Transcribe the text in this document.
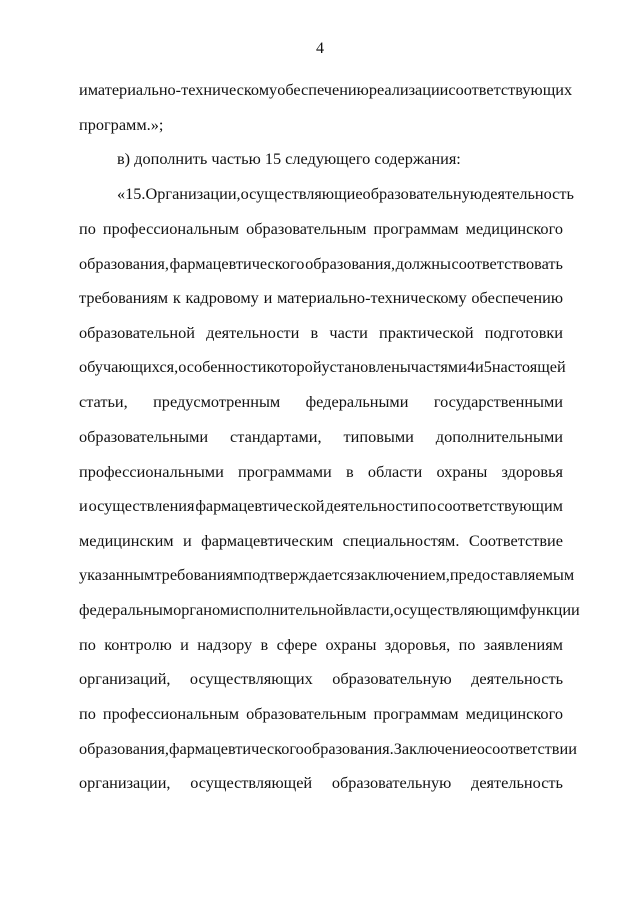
4
и материально-техническому обеспечению реализации соответствующих
программ.»;
в) дополнить частью 15 следующего содержания:
«15. Организации, осуществляющие образовательную деятельность
по профессиональным образовательным программам медицинского
образования, фармацевтического образования, должны соответствовать
требованиям к кадровому и материально-техническому обеспечению
образовательной деятельности в части практической подготовки
обучающихся, особенности которой установлены частями 4 и 5 настоящей
статьи, предусмотренным федеральными государственными
образовательными стандартами, типовыми дополнительными
профессиональными программами в области охраны здоровья
и осуществления фармацевтической деятельности по соответствующим
медицинским и фармацевтическим специальностям. Соответствие
указанным требованиям подтверждается заключением, предоставляемым
федеральным органом исполнительной власти, осуществляющим функции
по контролю и надзору в сфере охраны здоровья, по заявлениям
организаций, осуществляющих образовательную деятельность
по профессиональным образовательным программам медицинского
образования, фармацевтического образования. Заключение о соответствии
организации, осуществляющей образовательную деятельность
